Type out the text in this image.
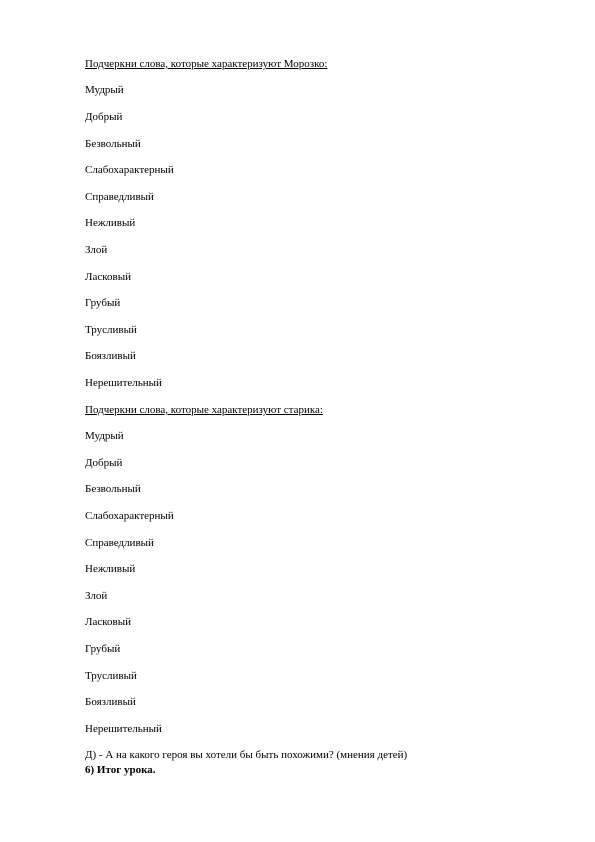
Подчеркни слова, которые характеризуют Морозко:
Мудрый
Добрый
Безвольный
Слабохарактерный
Справедливый
Нежливый
Злой
Ласковый
Грубый
Трусливый
Боязливый
Нерешительный
Подчеркни слова, которые характеризуют старика:
Мудрый
Добрый
Безвольный
Слабохарактерный
Справедливый
Нежливый
Злой
Ласковый
Грубый
Трусливый
Боязливый
Нерешительный
Д) - А на какого героя вы хотели бы быть похожими? (мнения детей)
6) Итог урока.
